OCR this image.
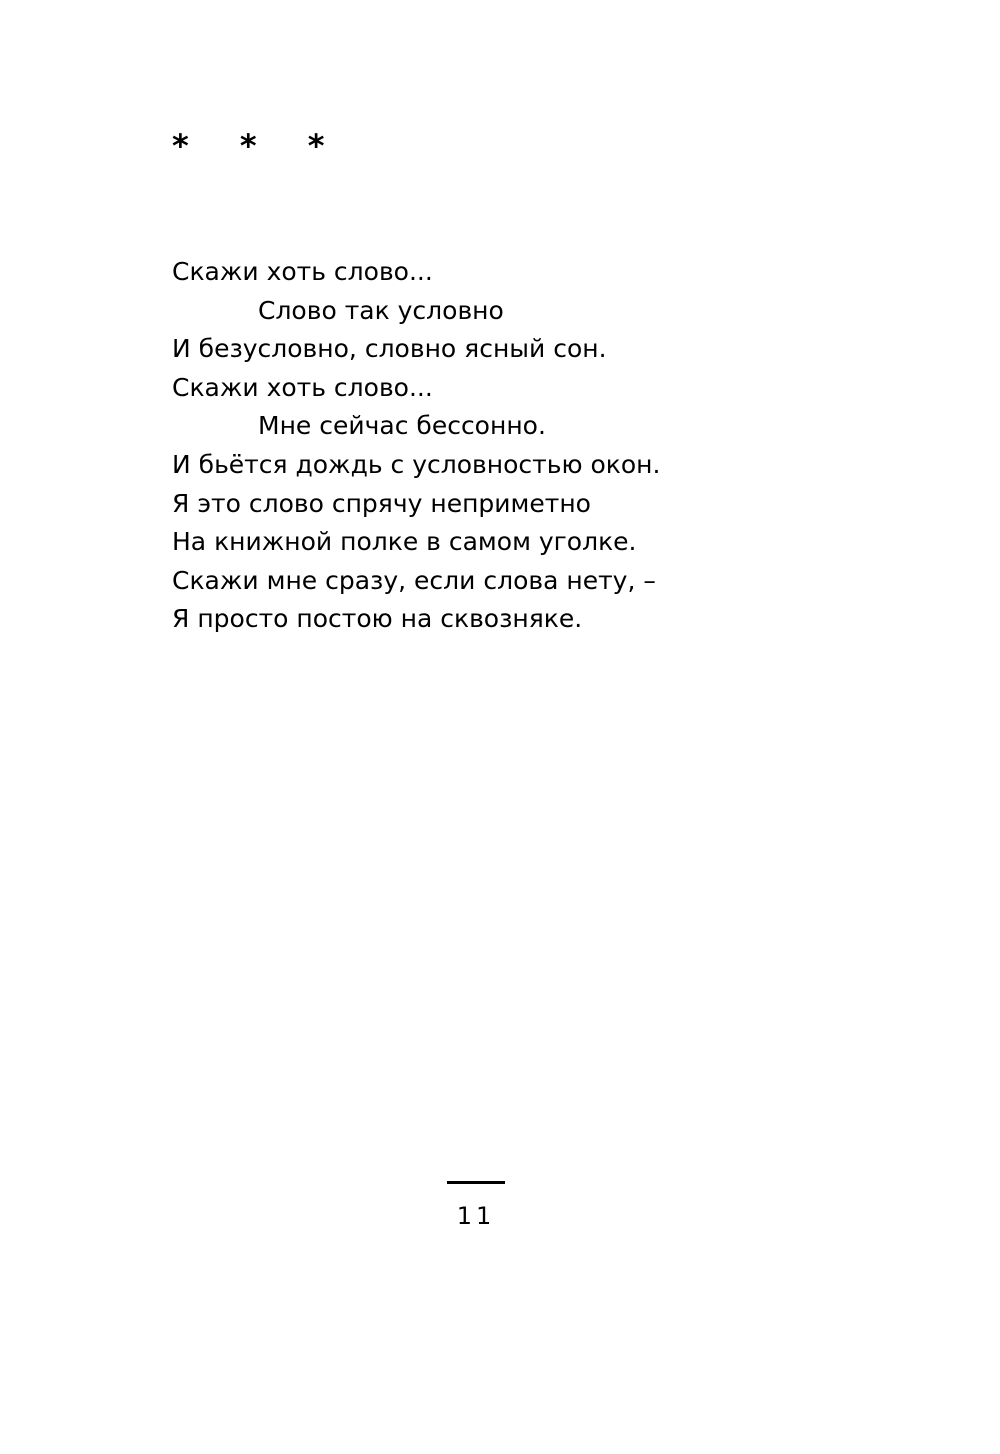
* * *
Скажи хоть слово...
Слово так условно
И безусловно, словно ясный сон.
Скажи хоть слово...
Мне сейчас бессонно.
И бьётся дождь с условностью окон.
Я это слово спрячу неприметно
На книжной полке в самом уголке.
Скажи мне сразу, если слова нету, –
Я просто постою на сквозняке.
11
